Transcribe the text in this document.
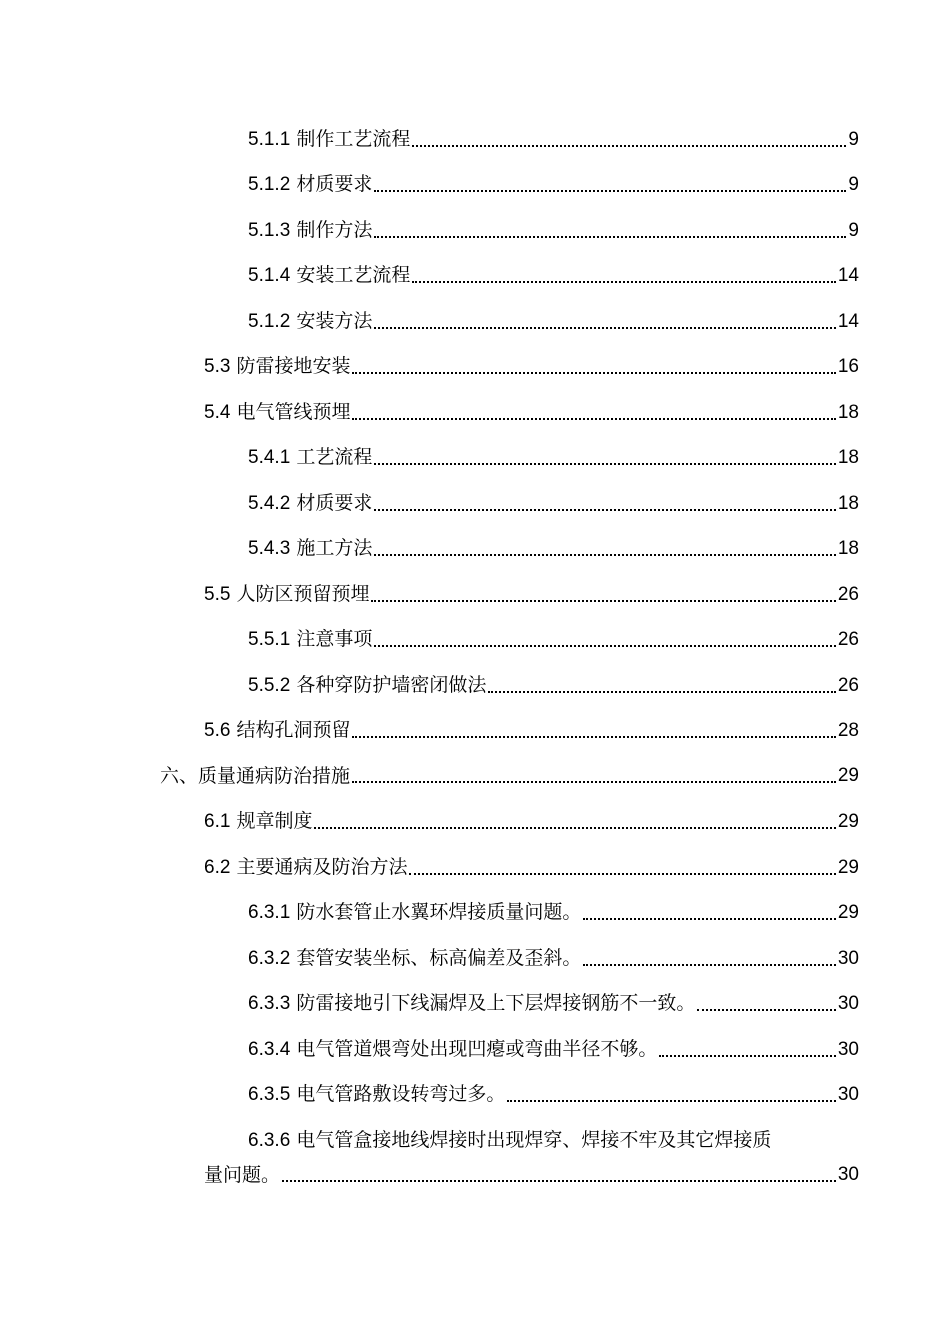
5.1.1 制作工艺流程	9
5.1.2 材质要求	9
5.1.3 制作方法	9
5.1.4 安装工艺流程	14
5.1.2 安装方法	14
5.3 防雷接地安装	16
5.4 电气管线预埋	18
5.4.1 工艺流程	18
5.4.2 材质要求	18
5.4.3 施工方法	18
5.5 人防区预留预埋	26
5.5.1 注意事项	26
5.5.2 各种穿防护墙密闭做法	26
5.6 结构孔洞预留	28
六、质量通病防治措施	29
6.1 规章制度	29
6.2 主要通病及防治方法	29
6.3.1 防水套管止水翼环焊接质量问题。	29
6.3.2 套管安装坐标、标高偏差及歪斜。	30
6.3.3 防雷接地引下线漏焊及上下层焊接钢筋不一致。	30
6.3.4 电气管道煨弯处出现凹瘪或弯曲半径不够。	30
6.3.5 电气管路敷设转弯过多。	30
6.3.6 电气管盒接地线焊接时出现焊穿、焊接不牢及其它焊接质
量问题。	30
